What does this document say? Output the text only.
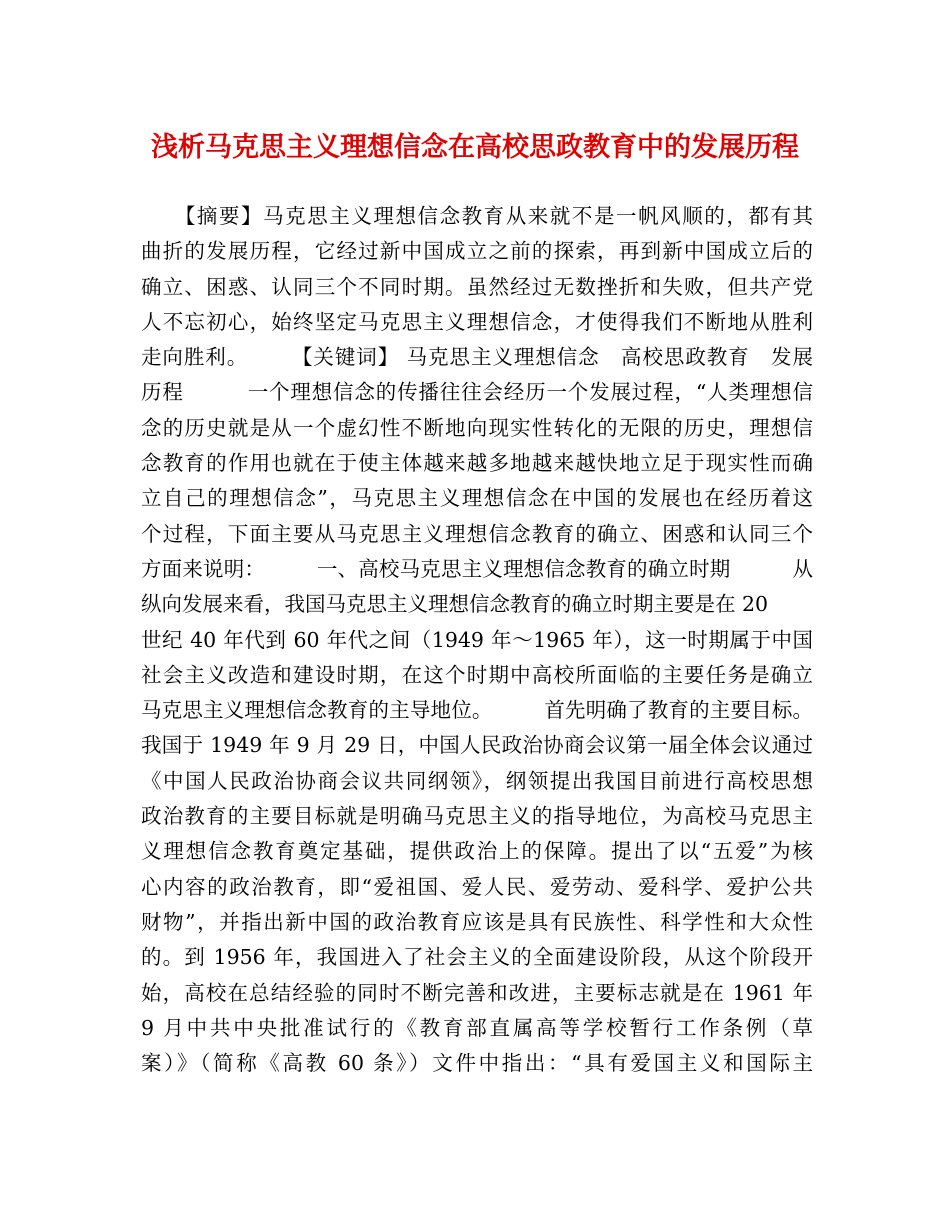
浅析马克思主义理想信念在高校思政教育中的发展历程
　　【摘要】马克思主义理想信念教育从来就不是一帆风顺的，都有其
曲折的发展历程，它经过新中国成立之前的探索，再到新中国成立后的
确立、困惑、认同三个不同时期。虽然经过无数挫折和失败，但共产党
人不忘初心，始终坚定马克思主义理想信念，才使得我们不断地从胜利
走向胜利。　　　【关键词】 马克思主义理想信念　高校思政教育　发展
历程　　　一个理想信念的传播往往会经历一个发展过程，“人类理想信
念的历史就是从一个虚幻性不断地向现实性转化的无限的历史，理想信
念教育的作用也就在于使主体越来越多地越来越快地立足于现实性而确
立自己的理想信念”，马克思主义理想信念在中国的发展也在经历着这
个过程，下面主要从马克思主义理想信念教育的确立、困惑和认同三个
方面来说明：　　　一、高校马克思主义理想信念教育的确立时期　　　从
纵向发展来看，我国马克思主义理想信念教育的确立时期主要是在 20
世纪 40 年代到 60 年代之间（1949 年～1965 年），这一时期属于中国
社会主义改造和建设时期，在这个时期中高校所面临的主要任务是确立
马克思主义理想信念教育的主导地位。　　　首先明确了教育的主要目标。
我国于 1949 年 9 月 29 日，中国人民政治协商会议第一届全体会议通过
《中国人民政治协商会议共同纲领》，纲领提出我国目前进行高校思想
政治教育的主要目标就是明确马克思主义的指导地位，为高校马克思主
义理想信念教育奠定基础，提供政治上的保障。提出了以“五爱”为核
心内容的政治教育，即“爱祖国、爱人民、爱劳动、爱科学、爱护公共
财物”，并指出新中国的政治教育应该是具有民族性、科学性和大众性
的。到 1956 年，我国进入了社会主义的全面建设阶段，从这个阶段开
始，高校在总结经验的同时不断完善和改进，主要标志就是在 1961 年
9 月中共中央批准试行的《教育部直属高等学校暂行工作条例（草
案）》（简称《高教 60 条》）文件中指出：“具有爱国主义和国际主
